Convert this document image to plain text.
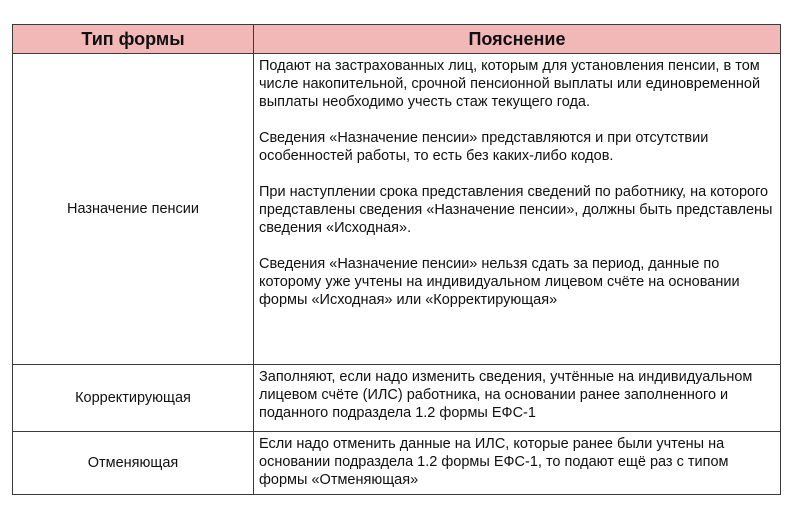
Тип формы	Пояснение
Назначение пенсии	Подают на застрахованных лиц, которым для установления пенсии, в том числе накопительной, срочной пенсионной выплаты или единовременной выплаты необходимо учесть стаж текущего года.

Сведения «Назначение пенсии» представляются и при отсутствии особенностей работы, то есть без каких-либо кодов.

При наступлении срока представления сведений по работнику, на которого представлены сведения «Назначение пенсии», должны быть представлены сведения «Исходная».

Сведения «Назначение пенсии» нельзя сдать за период, данные по которому уже учтены на индивидуальном лицевом счёте на основании формы «Исходная» или «Корректирующая»

Корректирующая	Заполняют, если надо изменить сведения, учтённые на индивидуальном лицевом счёте (ИЛС) работника, на основании ранее заполненного и поданного подраздела 1.2 формы ЕФС-1

Отменяющая	Если надо отменить данные на ИЛС, которые ранее были учтены на основании подраздела 1.2 формы ЕФС-1, то подают ещё раз с типом формы «Отменяющая»
